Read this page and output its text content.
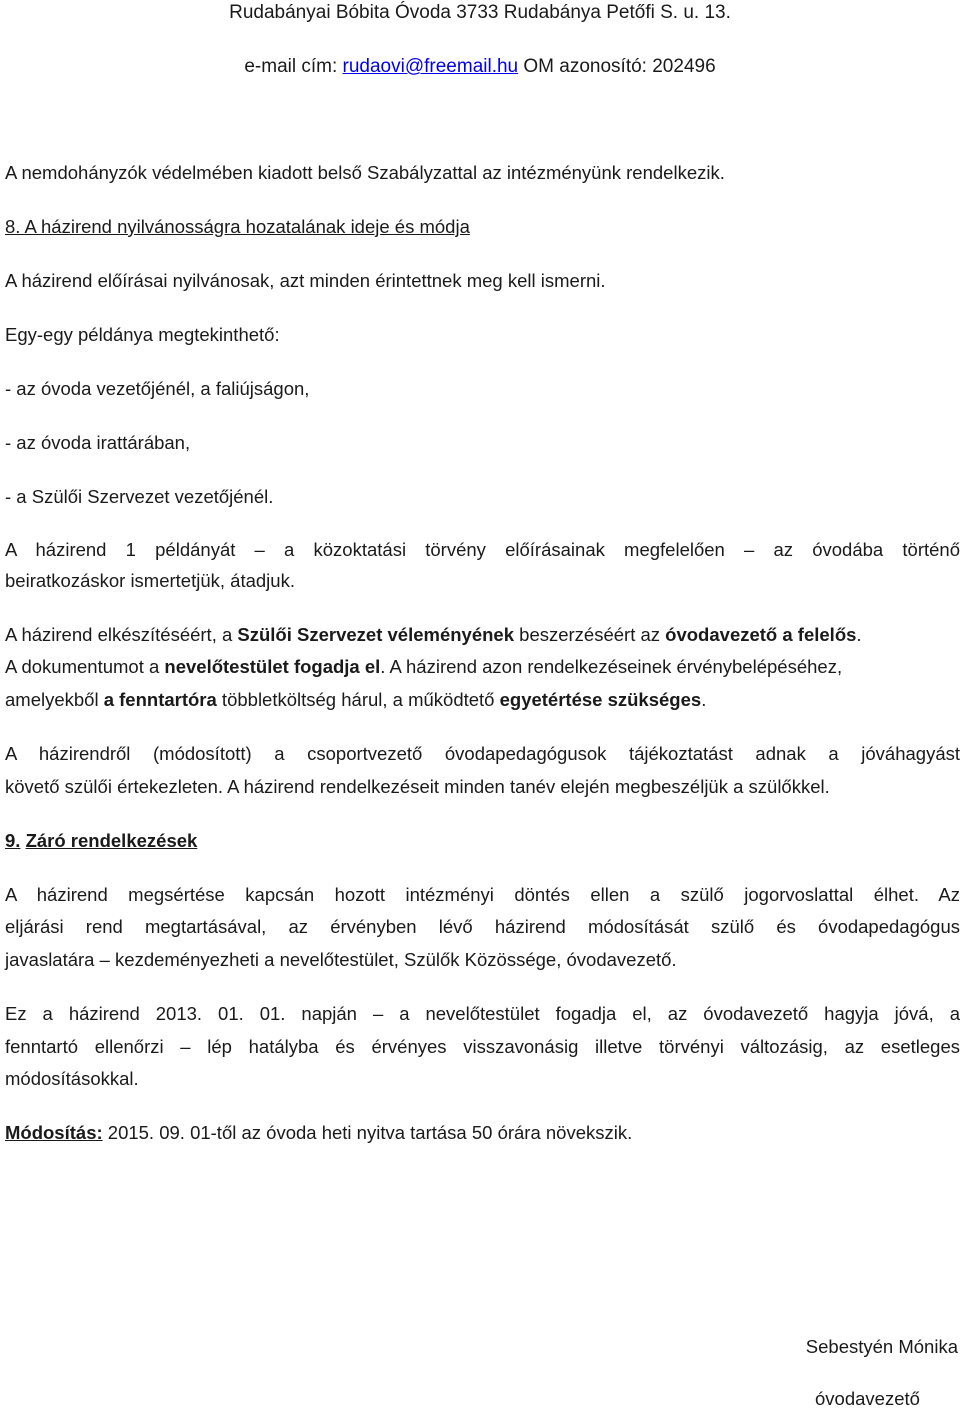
Rudabányai Bóbita Óvoda 3733 Rudabánya Petőfi S. u. 13.
e-mail cím: rudaovi@freemail.hu OM azonosító: 202496
A nemdohányzók védelmében kiadott belső Szabályzattal az intézményünk rendelkezik.
8. A házirend nyilvánosságra hozatalának ideje és módja
A házirend előírásai nyilvánosak, azt minden érintettnek meg kell ismerni.
Egy-egy példánya megtekinthető:
- az óvoda vezetőjénél, a faliújságon,
- az óvoda irattárában,
- a Szülői Szervezet vezetőjénél.
A házirend 1 példányát – a közoktatási törvény előírásainak megfelelően – az óvodába történő
beiratkozáskor ismertetjük, átadjuk.
A házirend elkészítéséért, a Szülői Szervezet véleményének beszerzéséért az óvodavezető a felelős.
A dokumentumot a nevelőtestület fogadja el. A házirend azon rendelkezéseinek érvénybelépéséhez,
amelyekből a fenntartóra többletköltség hárul, a működtető egyetértése szükséges.
A házirendről (módosított) a csoportvezető óvodapedagógusok tájékoztatást adnak a jóváhagyást
követő szülői értekezleten. A házirend rendelkezéseit minden tanév elején megbeszéljük a szülőkkel.
9. Záró rendelkezések
A házirend megsértése kapcsán hozott intézményi döntés ellen a szülő jogorvoslattal élhet. Az
eljárási rend megtartásával, az érvényben lévő házirend módosítását szülő és óvodapedagógus
javaslatára – kezdeményezheti a nevelőtestület, Szülők Közössége, óvodavezető.
Ez a házirend 2013. 01. 01. napján – a nevelőtestület fogadja el, az óvodavezető hagyja jóvá, a
fenntartó ellenőrzi – lép hatályba és érvényes visszavonásig illetve törvényi változásig, az esetleges
módosításokkal.
Módosítás: 2015. 09. 01-től az óvoda heti nyitva tartása 50 órára növekszik.
Sebestyén Mónika
óvodavezető
